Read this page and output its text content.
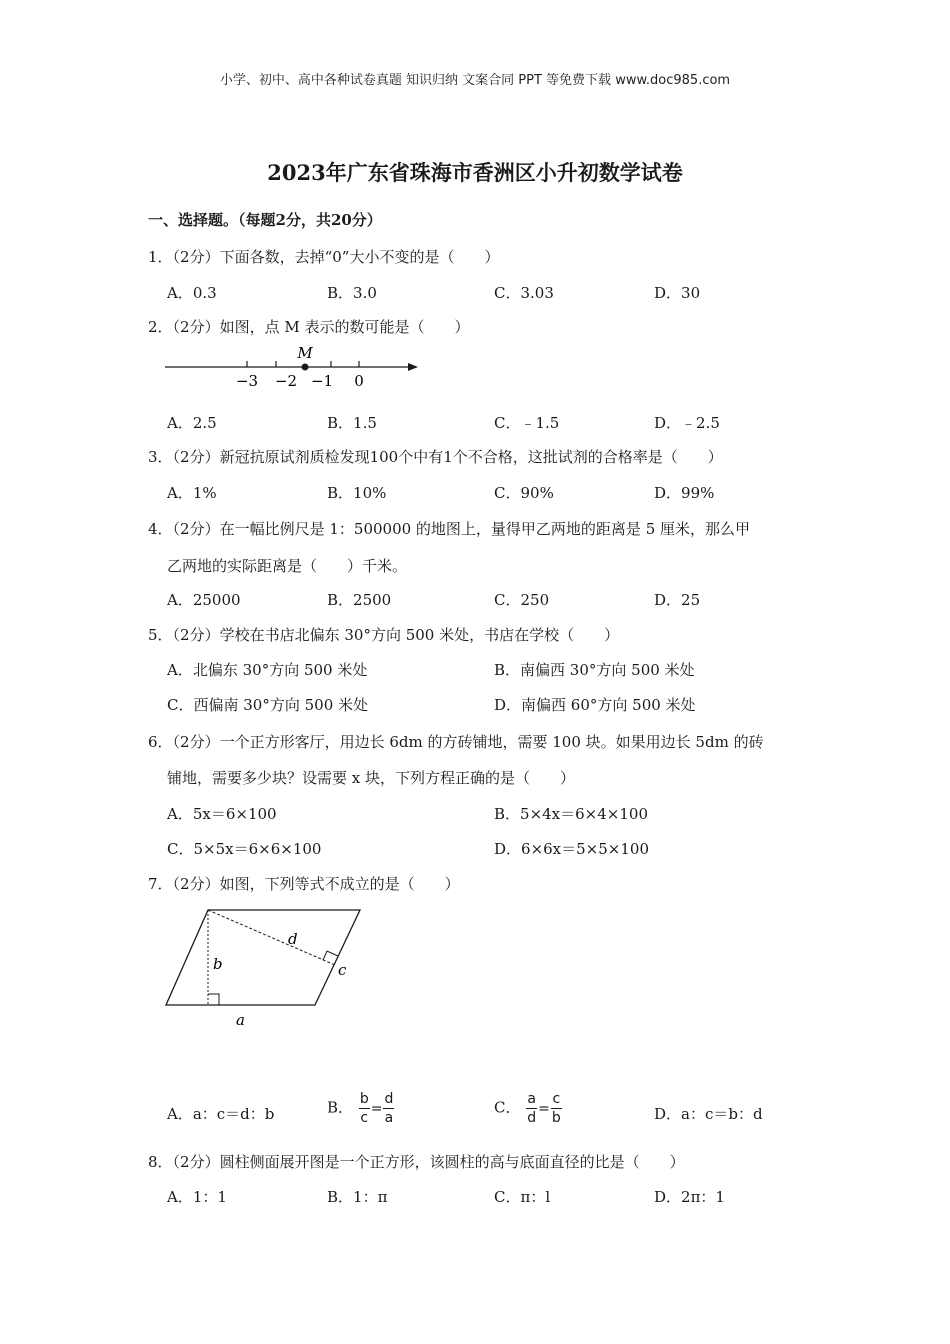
小学、初中、高中各种试卷真题 知识归纳 文案合同 PPT 等免费下载 www.doc985.com
2023年广东省珠海市香洲区小升初数学试卷
一、选择题。（每题2分，共20分）
1．（2分）下面各数，去掉“0”大小不变的是（　　）
A．0.3	B．3.0	C．3.03	D．30
2．（2分）如图，点 M 表示的数可能是（　　）
M
−3 −2 −1 0
A．2.5	B．1.5	C．﹣1.5	D．﹣2.5
3．（2分）新冠抗原试剂质检发现100个中有1个不合格，这批试剂的合格率是（　　）
A．1%	B．10%	C．90%	D．99%
4．（2分）在一幅比例尺是 1：500000 的地图上，量得甲乙两地的距离是 5 厘米，那么甲
乙两地的实际距离是（　　）千米。
A．25000	B．2500	C．250	D．25
5．（2分）学校在书店北偏东 30°方向 500 米处，书店在学校（　　）
A．北偏东 30°方向 500 米处	B．南偏西 30°方向 500 米处
C．西偏南 30°方向 500 米处	D．南偏西 60°方向 500 米处
6．（2分）一个正方形客厅，用边长 6dm 的方砖铺地，需要 100 块。如果用边长 5dm 的砖
铺地，需要多少块？设需要 x 块，下列方程正确的是（　　）
A．5x＝6×100	B．5×4x＝6×4×100
C．5×5x＝6×6×100	D．6×6x＝5×5×100
7．（2分）如图，下列等式不成立的是（　　）
d
b	c
a
A．a：c＝d：b	B． $\frac{b}{c} = \frac{d}{a}$	C． $\frac{a}{d} = \frac{c}{b}$	D．a：c＝b：d
8．（2分）圆柱侧面展开图是一个正方形，该圆柱的高与底面直径的比是（　　）
A．1：1	B．1：π	C．π：l	D．2π：1
